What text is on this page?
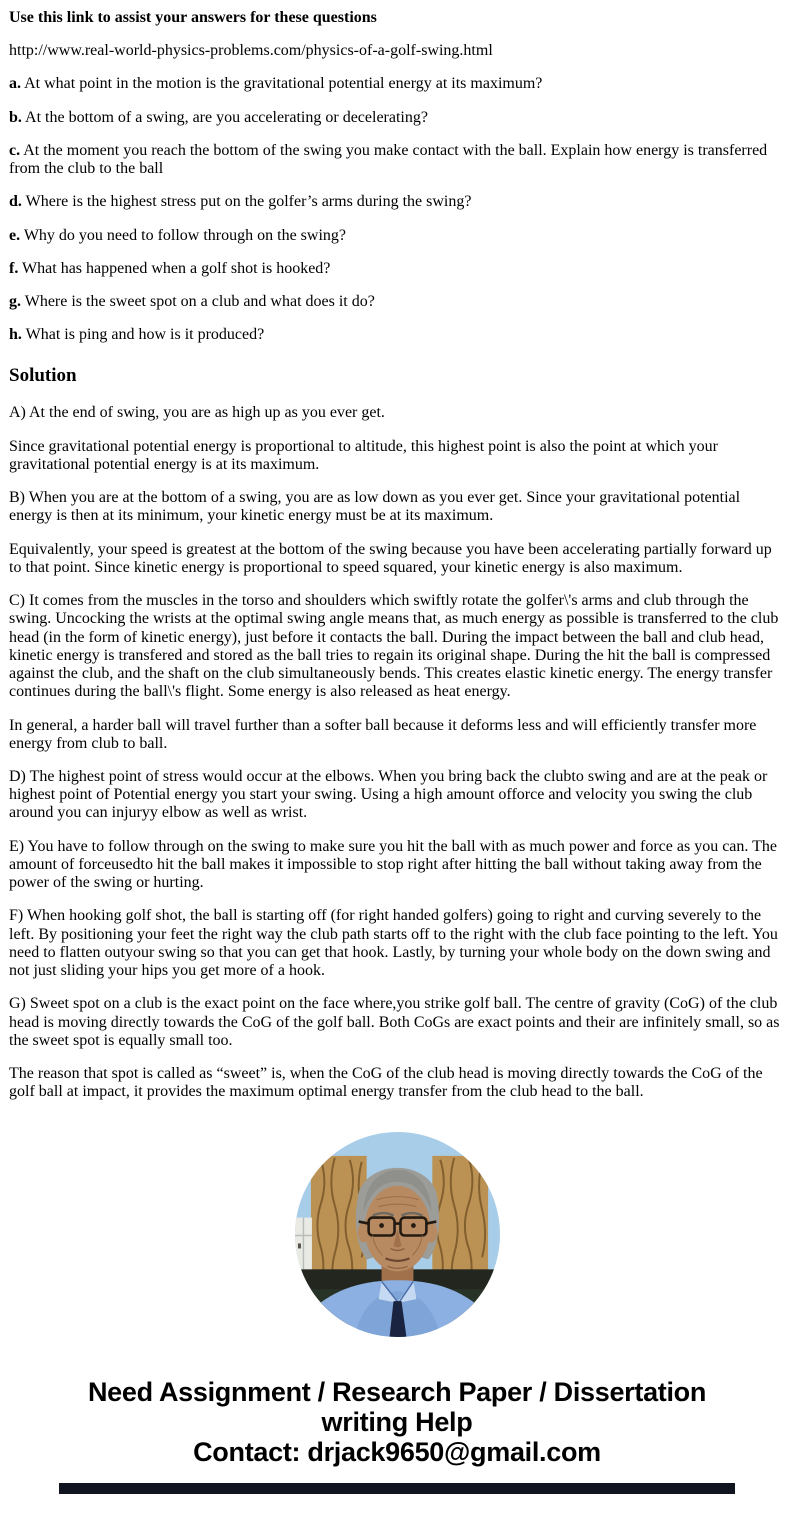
Use this link to assist your answers for these questions

http://www.real-world-physics-problems.com/physics-of-a-golf-swing.html

a. At what point in the motion is the gravitational potential energy at its maximum?

b. At the bottom of a swing, are you accelerating or decelerating?

c. At the moment you reach the bottom of the swing you make contact with the ball. Explain how energy is transferred from the club to the ball

d. Where is the highest stress put on the golfer’s arms during the swing?

e. Why do you need to follow through on the swing?

f. What has happened when a golf shot is hooked?

g. Where is the sweet spot on a club and what does it do?

h. What is ping and how is it produced?

Solution

A) At the end of swing, you are as high up as you ever get.

Since gravitational potential energy is proportional to altitude, this highest point is also the point at which your gravitational potential energy is at its maximum.

B) When you are at the bottom of a swing, you are as low down as you ever get. Since your gravitational potential energy is then at its minimum, your kinetic energy must be at its maximum.

Equivalently, your speed is greatest at the bottom of the swing because you have been accelerating partially forward up to that point. Since kinetic energy is proportional to speed squared, your kinetic energy is also maximum.

C) It comes from the muscles in the torso and shoulders which swiftly rotate the golfer\'s arms and club through the swing. Uncocking the wrists at the optimal swing angle means that, as much energy as possible is transferred to the club head (in the form of kinetic energy), just before it contacts the ball. During the impact between the ball and club head, kinetic energy is transfered and stored as the ball tries to regain its original shape. During the hit the ball is compressed against the club, and the shaft on the club simultaneously bends. This creates elastic kinetic energy. The energy transfer continues during the ball\'s flight. Some energy is also released as heat energy.

In general, a harder ball will travel further than a softer ball because it deforms less and will efficiently transfer more energy from club to ball.

D) The highest point of stress would occur at the elbows. When you bring back the clubto swing and are at the peak or highest point of Potential energy you start your swing. Using a high amount offorce and velocity you swing the club around you can injuryy elbow as well as wrist.

E) You have to follow through on the swing to make sure you hit the ball with as much power and force as you can. The amount of forceusedto hit the ball makes it impossible to stop right after hitting the ball without taking away from the power of the swing or hurting.

F) When hooking golf shot, the ball is starting off (for right handed golfers) going to right and curving severely to the left. By positioning your feet the right way the club path starts off to the right with the club face pointing to the left. You need to flatten outyour swing so that you can get that hook. Lastly, by turning your whole body on the down swing and not just sliding your hips you get more of a hook.

G) Sweet spot on a club is the exact point on the face where,you strike golf ball. The centre of gravity (CoG) of the club head is moving directly towards the CoG of the golf ball. Both CoGs are exact points and their are infinitely small, so as the sweet spot is equally small too.

The reason that spot is called as “sweet” is, when the CoG of the club head is moving directly towards the CoG of the golf ball at impact, it provides the maximum optimal energy transfer from the club head to the ball.

Need Assignment / Research Paper / Dissertation
writing Help
Contact: drjack9650@gmail.com
